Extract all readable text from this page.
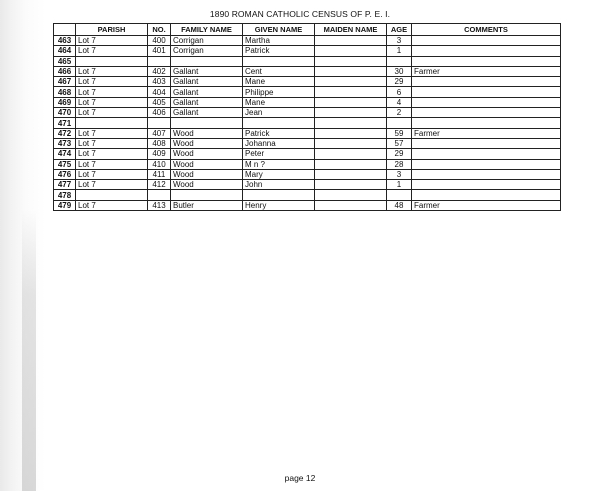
1890 ROMAN CATHOLIC CENSUS OF P. E. I.
	PARISH	NO.	FAMILY NAME	GIVEN NAME	MAIDEN NAME	AGE	COMMENTS
463	Lot 7	400	Corrigan	Martha		3	
464	Lot 7	401	Corrigan	Patrick		1	
465							
466	Lot 7	402	Gallant	Cent		30	Farmer
467	Lot 7	403	Gallant	Mane		29	
468	Lot 7	404	Gallant	Philippe		6	
469	Lot 7	405	Gallant	Mane		4	
470	Lot 7	406	Gallant	Jean		2	
471							
472	Lot 7	407	Wood	Patrick		59	Farmer
473	Lot 7	408	Wood	Johanna		57	
474	Lot 7	409	Wood	Peter		29	
475	Lot 7	410	Wood	M n ?		28	
476	Lot 7	411	Wood	Mary		3	
477	Lot 7	412	Wood	John		1	
478							
479	Lot 7	413	Butler	Henry		48	Farmer
page 12
